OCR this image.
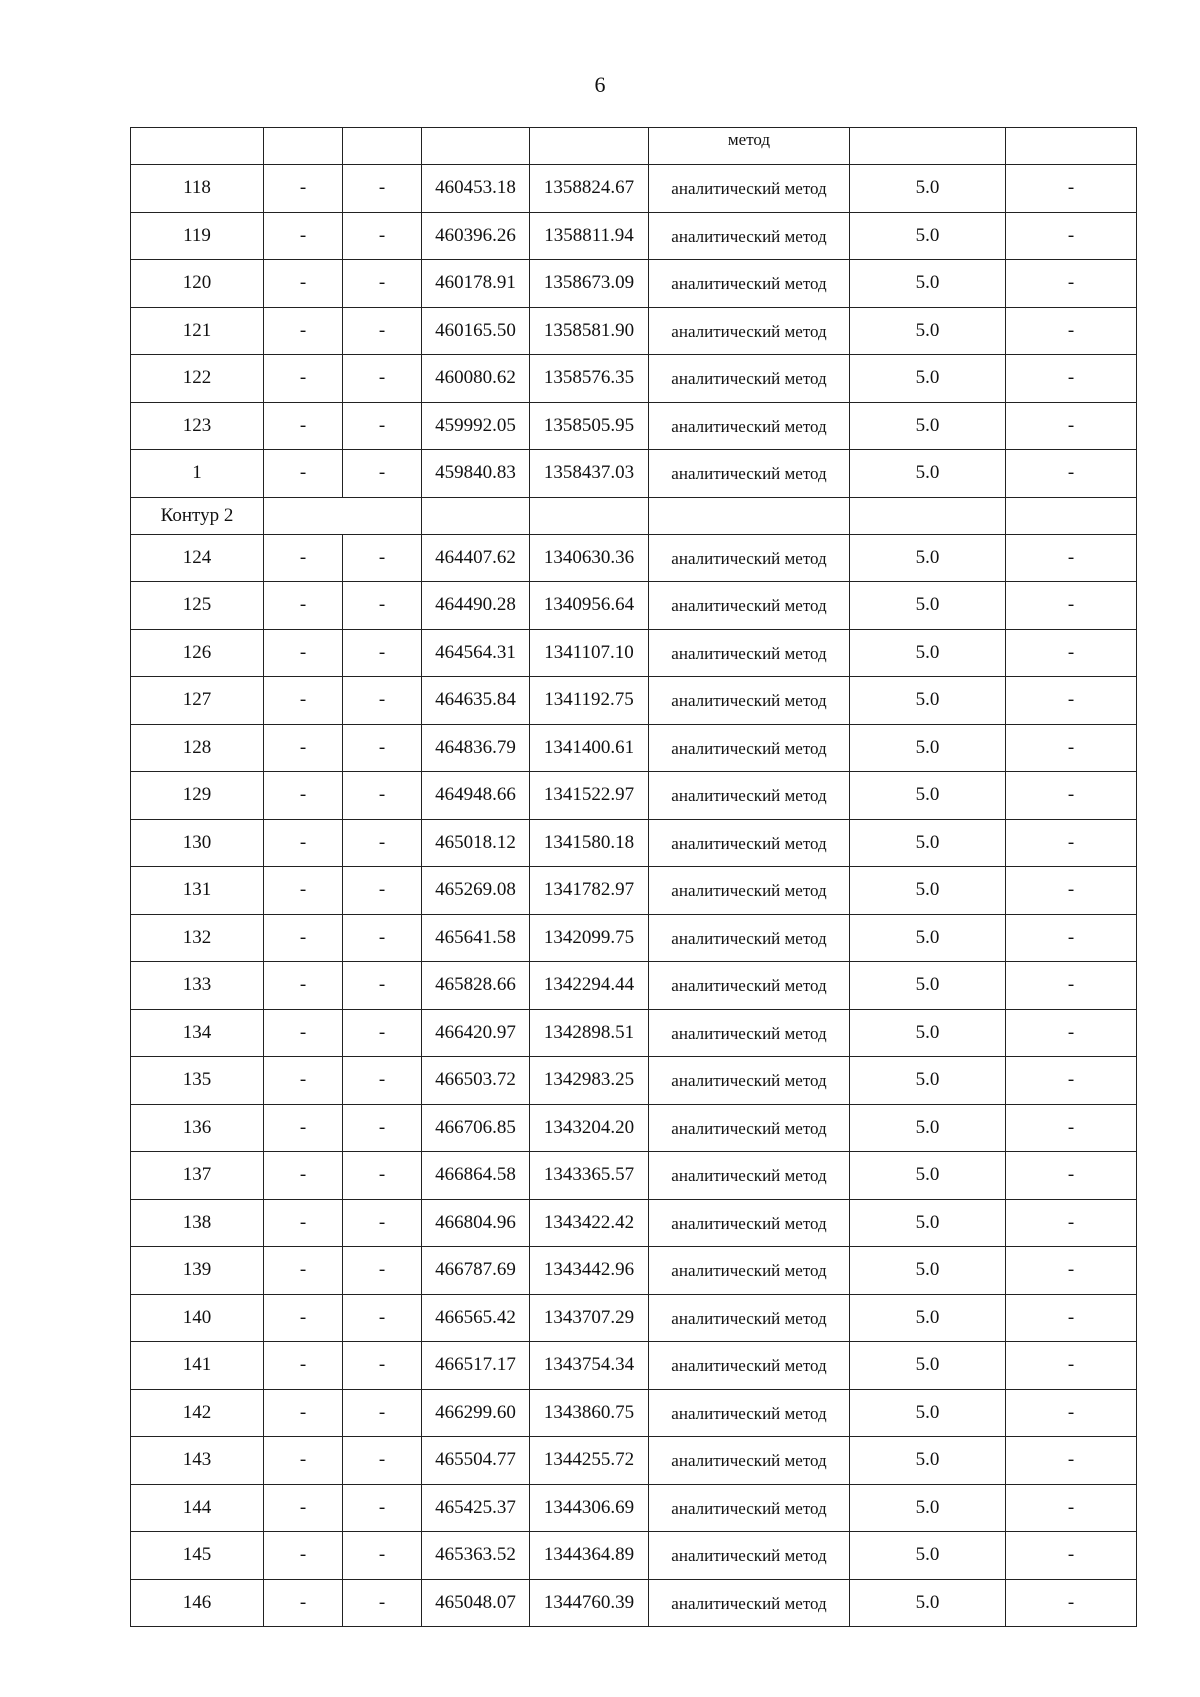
6
					метод		
118	-	-	460453.18	1358824.67	аналитический метод	5.0	-
119	-	-	460396.26	1358811.94	аналитический метод	5.0	-
120	-	-	460178.91	1358673.09	аналитический метод	5.0	-
121	-	-	460165.50	1358581.90	аналитический метод	5.0	-
122	-	-	460080.62	1358576.35	аналитический метод	5.0	-
123	-	-	459992.05	1358505.95	аналитический метод	5.0	-
1	-	-	459840.83	1358437.03	аналитический метод	5.0	-
Контур 2							
124	-	-	464407.62	1340630.36	аналитический метод	5.0	-
125	-	-	464490.28	1340956.64	аналитический метод	5.0	-
126	-	-	464564.31	1341107.10	аналитический метод	5.0	-
127	-	-	464635.84	1341192.75	аналитический метод	5.0	-
128	-	-	464836.79	1341400.61	аналитический метод	5.0	-
129	-	-	464948.66	1341522.97	аналитический метод	5.0	-
130	-	-	465018.12	1341580.18	аналитический метод	5.0	-
131	-	-	465269.08	1341782.97	аналитический метод	5.0	-
132	-	-	465641.58	1342099.75	аналитический метод	5.0	-
133	-	-	465828.66	1342294.44	аналитический метод	5.0	-
134	-	-	466420.97	1342898.51	аналитический метод	5.0	-
135	-	-	466503.72	1342983.25	аналитический метод	5.0	-
136	-	-	466706.85	1343204.20	аналитический метод	5.0	-
137	-	-	466864.58	1343365.57	аналитический метод	5.0	-
138	-	-	466804.96	1343422.42	аналитический метод	5.0	-
139	-	-	466787.69	1343442.96	аналитический метод	5.0	-
140	-	-	466565.42	1343707.29	аналитический метод	5.0	-
141	-	-	466517.17	1343754.34	аналитический метод	5.0	-
142	-	-	466299.60	1343860.75	аналитический метод	5.0	-
143	-	-	465504.77	1344255.72	аналитический метод	5.0	-
144	-	-	465425.37	1344306.69	аналитический метод	5.0	-
145	-	-	465363.52	1344364.89	аналитический метод	5.0	-
146	-	-	465048.07	1344760.39	аналитический метод	5.0	-
